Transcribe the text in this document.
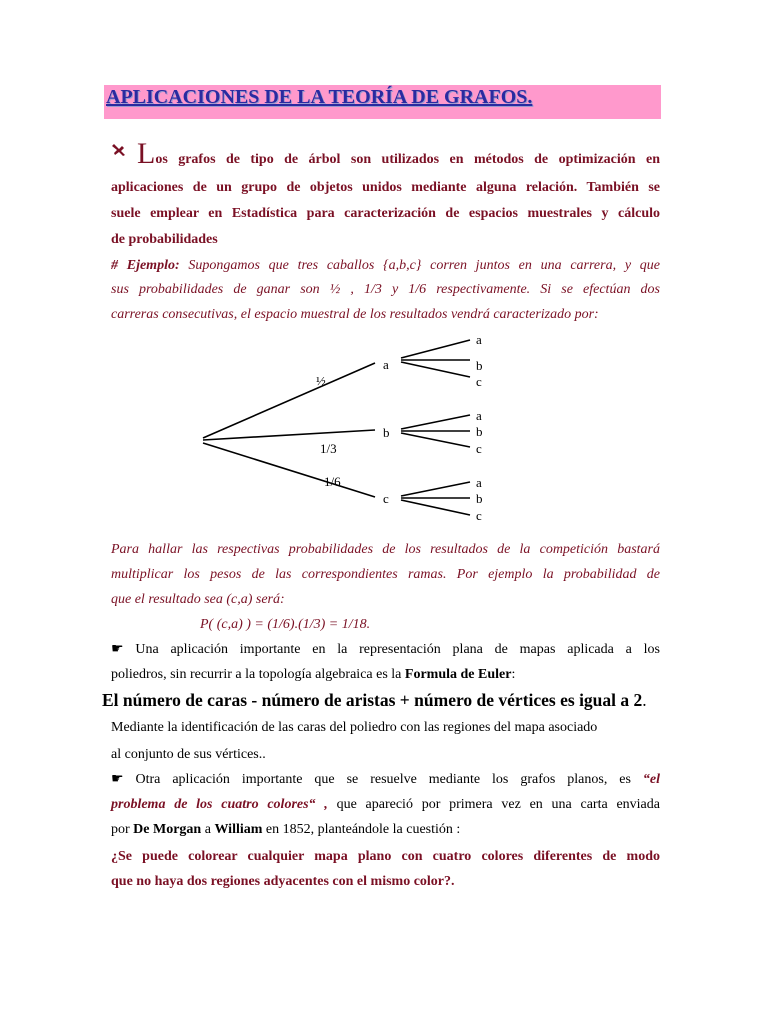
APLICACIONES DE LA TEORÍA DE GRAFOS.
Los grafos de tipo de árbol son utilizados en métodos de optimización en
aplicaciones de un grupo de objetos unidos mediante alguna relación. También se
suele emplear en Estadística para caracterización de espacios muestrales y cálculo
de probabilidades
# Ejemplo: Supongamos que tres caballos {a,b,c} corren juntos en una carrera, y que
sus probabilidades de ganar son ½ , 1/3 y 1/6 respectivamente. Si se efectúan dos
carreras consecutivas, el espacio muestral de los resultados vendrá caracterizado por:
a
b
c
½
1/3
1/6
a
b
c
a
b
c
a
b
c
Para hallar las respectivas probabilidades de los resultados de la competición bastará
multiplicar los pesos de las correspondientes ramas. Por ejemplo la probabilidad de
que el resultado sea (c,a) será:
P( (c,a) ) = (1/6).(1/3) = 1/18.
☛ Una aplicación importante en la representación plana de mapas aplicada a los
poliedros, sin recurrir a la topología algebraica es la Formula de Euler:
El número de caras - número de aristas + número de vértices es igual a 2.
Mediante la identificación de las caras del poliedro con las regiones del mapa asociado
al conjunto de sus vértices..
☛ Otra aplicación importante que se resuelve mediante los grafos planos, es “el
problema de los cuatro colores“ , que apareció por primera vez en una carta enviada
por De Morgan a William en 1852, planteándole la cuestión :
¿Se puede colorear cualquier mapa plano con cuatro colores diferentes de modo
que no haya dos regiones adyacentes con el mismo color?.
